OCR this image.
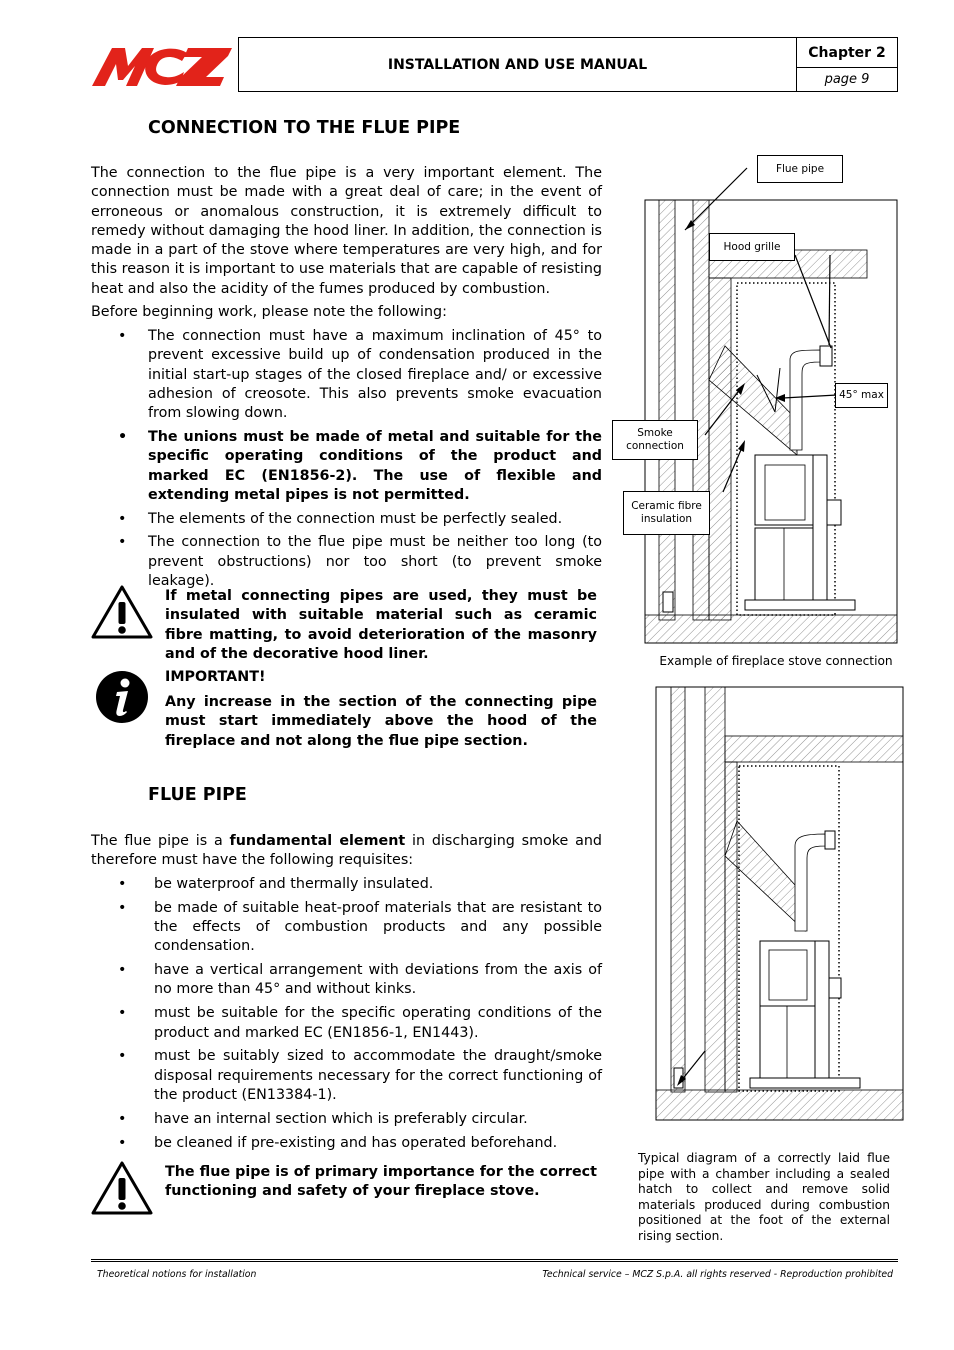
INSTALLATION AND USE MANUAL
Chapter 2
page 9
CONNECTION TO THE FLUE PIPE

The connection to the flue pipe is a very important element. The connection must be made with a great deal of care; in the event of erroneous or anomalous construction, it is extremely difficult to remedy without damaging the hood liner. In addition, the connection is made in a part of the stove where temperatures are very high, and for this reason it is important to use materials that are capable of resisting heat and also the acidity of the fumes produced by combustion.

Before beginning work, please note the following:

• The connection must have a maximum inclination of 45° to prevent excessive build up of condensation produced in the initial start-up stages of the closed fireplace and/ or excessive adhesion of creosote. This also prevents smoke evacuation from slowing down.
• The unions must be made of metal and suitable for the specific operating conditions of the product and marked EC (EN1856-2). The use of flexible and extending metal pipes is not permitted.
• The elements of the connection must be perfectly sealed.
• The connection to the flue pipe must be neither too long (to prevent obstructions) nor too short (to prevent smoke leakage).

If metal connecting pipes are used, they must be insulated with suitable material such as ceramic fibre matting, to avoid deterioration of the masonry and of the decorative hood liner.

IMPORTANT!

Any increase in the section of the connecting pipe must start immediately above the hood of the fireplace and not along the flue pipe section.

FLUE PIPE

The flue pipe is a fundamental element in discharging smoke and therefore must have the following requisites:

• be waterproof and thermally insulated.
• be made of suitable heat-proof materials that are resistant to the effects of combustion products and any possible condensation.
• have a vertical arrangement with deviations from the axis of no more than 45° and without kinks.
• must be suitable for the specific operating conditions of the product and marked EC (EN1856-1, EN1443).
• must be suitably sized to accommodate the draught/smoke disposal requirements necessary for the correct functioning of the product (EN13384-1).
• have an internal section which is preferably circular.
• be cleaned if pre-existing and has operated beforehand.

The flue pipe is of primary importance for the correct functioning and safety of your fireplace stove.

Flue pipe
Hood grille
45° max
Smoke connection
Ceramic fibre insulation
Example of fireplace stove connection

Typical diagram of a correctly laid flue pipe with a chamber including a sealed hatch to collect and remove solid materials produced during combustion positioned at the foot of the external rising section.

Theoretical notions for installation	Technical service – MCZ S.p.A. all rights reserved - Reproduction prohibited
